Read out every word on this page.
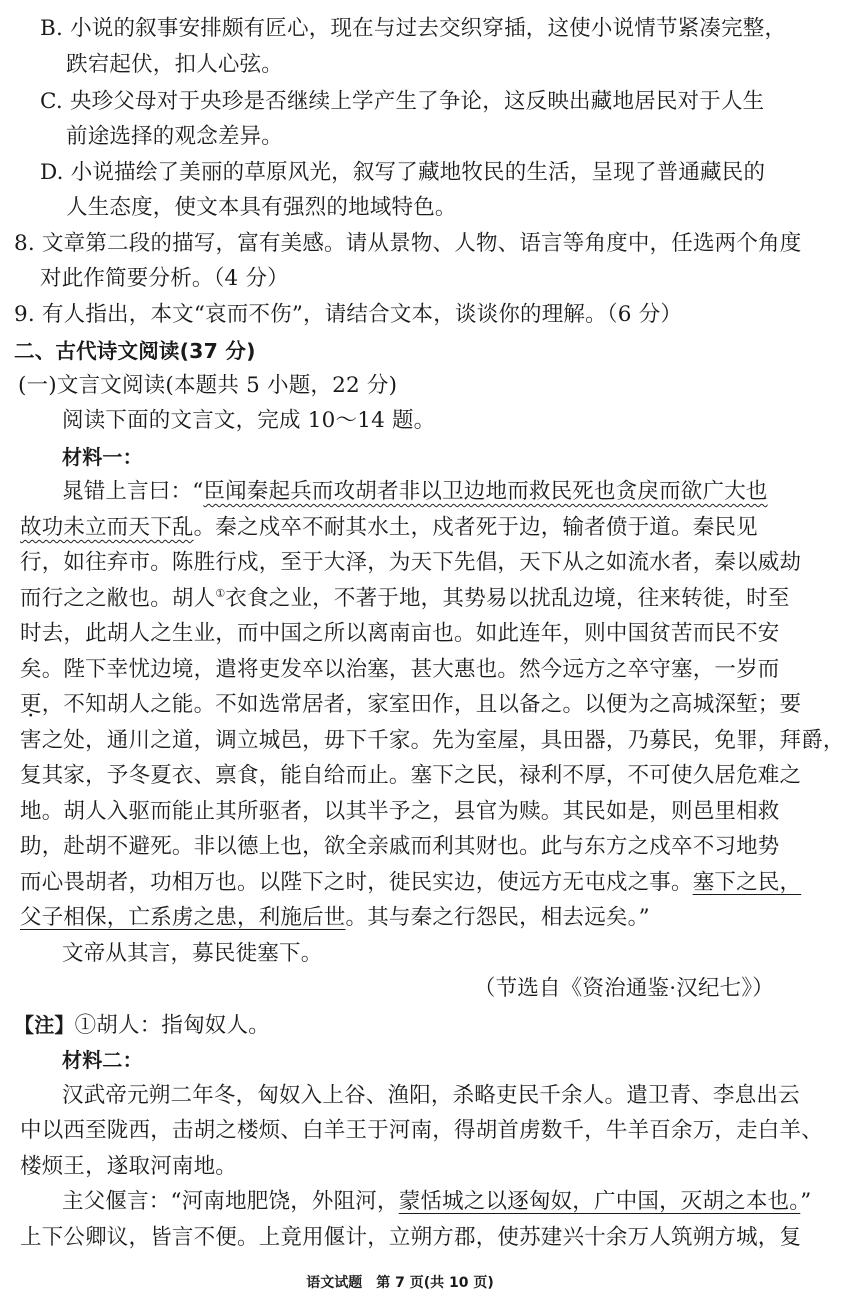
B. 小说的叙事安排颇有匠心，现在与过去交织穿插，这使小说情节紧凑完整，
跌宕起伏，扣人心弦。
C. 央珍父母对于央珍是否继续上学产生了争论，这反映出藏地居民对于人生
前途选择的观念差异。
D. 小说描绘了美丽的草原风光，叙写了藏地牧民的生活，呈现了普通藏民的
人生态度，使文本具有强烈的地域特色。
8. 文章第二段的描写，富有美感。请从景物、人物、语言等角度中，任选两个角度
对此作简要分析。（4 分）
9. 有人指出，本文“哀而不伤”，请结合文本，谈谈你的理解。（6 分）
二、古代诗文阅读(37 分)
(一)文言文阅读(本题共 5 小题，22 分)
阅读下面的文言文，完成 10～14 题。
材料一：
晁错上言曰：“臣闻秦起兵而攻胡者非以卫边地而救民死也贪戾而欲广大也
故功未立而天下乱。秦之戍卒不耐其水土，戍者死于边，输者偾于道。秦民见
行，如往弃市。陈胜行戍，至于大泽，为天下先倡，天下从之如流水者，秦以威劫
而行之之敝也。胡人①衣食之业，不著于地，其势易以扰乱边境，往来转徙，时至
时去，此胡人之生业，而中国之所以离南亩也。如此连年，则中国贫苦而民不安
矣。陛下幸忧边境，遣将吏发卒以治塞，甚大惠也。然今远方之卒守塞，一岁而
更，不知胡人之能。不如选常居者，家室田作，且以备之。以便为之高城深堑；要
害之处，通川之道，调立城邑，毋下千家。先为室屋，具田器，乃募民，免罪，拜爵，
复其家，予冬夏衣、禀食，能自给而止。塞下之民，禄利不厚，不可使久居危难之
地。胡人入驱而能止其所驱者，以其半予之，县官为赎。其民如是，则邑里相救
助，赴胡不避死。非以德上也，欲全亲戚而利其财也。此与东方之戍卒不习地势
而心畏胡者，功相万也。以陛下之时，徙民实边，使远方无屯戍之事。塞下之民，
父子相保，亡系虏之患，利施后世。其与秦之行怨民，相去远矣。”
文帝从其言，募民徙塞下。
（节选自《资治通鉴·汉纪七》）
【注】①胡人：指匈奴人。
材料二：
汉武帝元朔二年冬，匈奴入上谷、渔阳，杀略吏民千余人。遣卫青、李息出云
中以西至陇西，击胡之楼烦、白羊王于河南，得胡首虏数千，牛羊百余万，走白羊、
楼烦王，遂取河南地。
主父偃言：“河南地肥饶，外阻河，蒙恬城之以逐匈奴，广中国，灭胡之本也。”
上下公卿议，皆言不便。上竟用偃计，立朔方郡，使苏建兴十余万人筑朔方城，复
语文试题　第 7 页(共 10 页)
